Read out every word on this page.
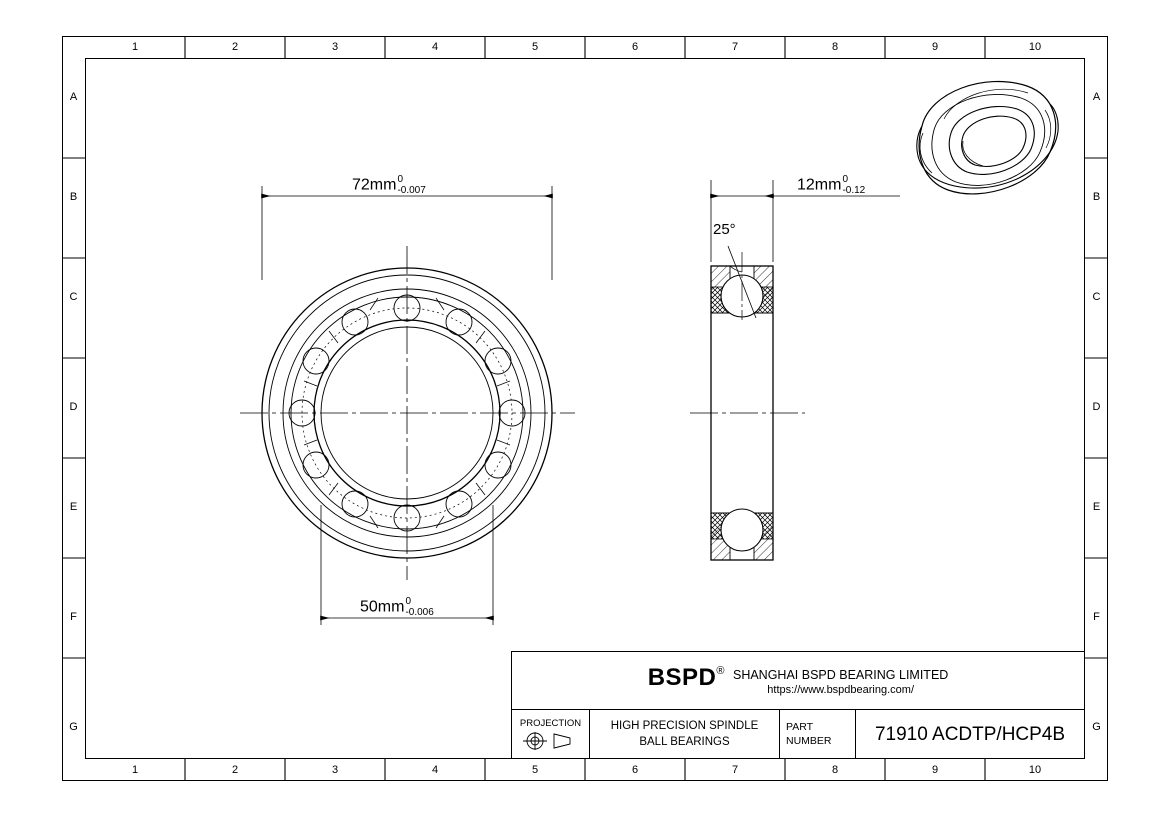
1	2	3	4	5	6	7	8	9	10
1	2	3	4	5	6	7	8	9	10
A
B
C
D
E
F
G
A
B
C
D
E
F
G
72mm 0
-0.007
50mm 0
-0.006
12mm 0
-0.12
25°
BSPD® SHANGHAI BSPD BEARING LIMITED
https://www.bspdbearing.com/
PROJECTION	HIGH PRECISION SPINDLE
BALL BEARINGS
PART
NUMBER	71910 ACDTP/HCP4B
